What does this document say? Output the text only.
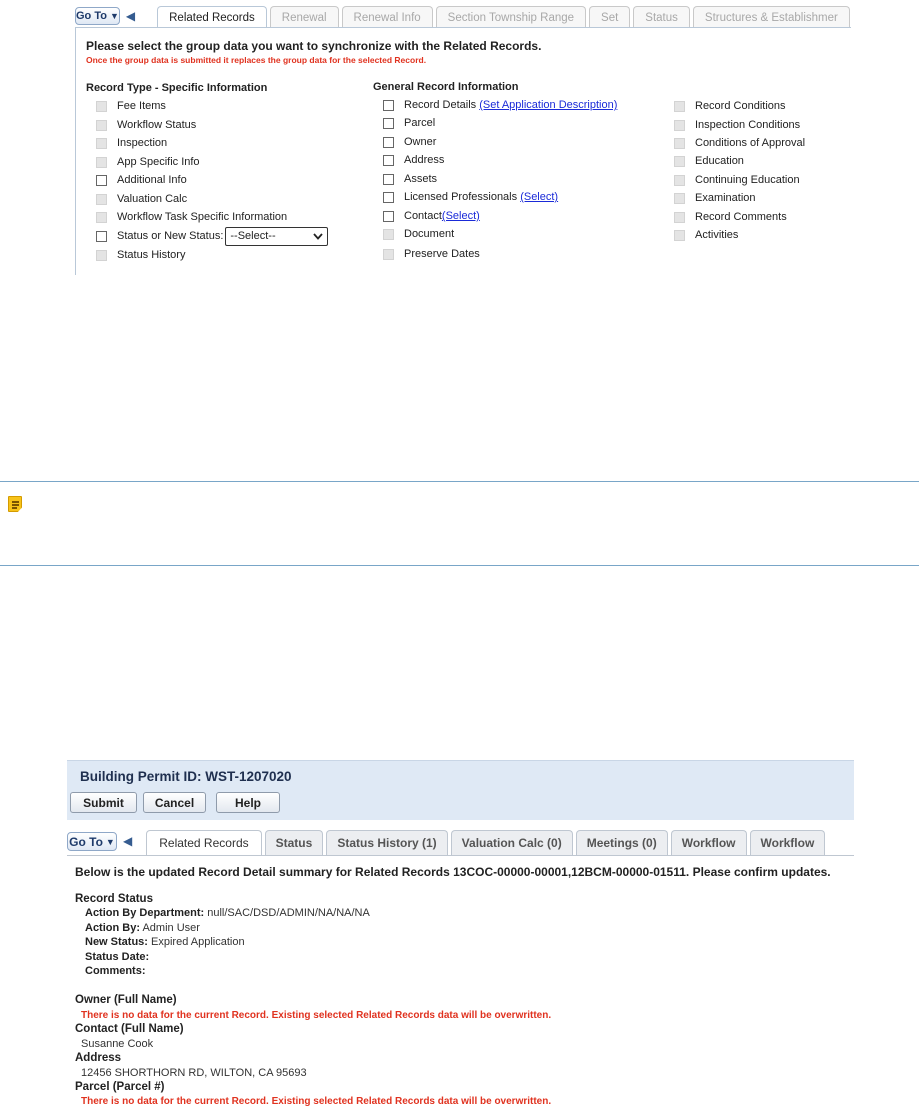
Go To ▼ ◀	Related Records	Renewal	Renewal Info	Section Township Range	Set	Status	Structures & Establishmer
Please select the group data you want to synchronize with the Related Records.
Once the group data is submitted it replaces the group data for the selected Record.
Record Type - Specific Information
Fee Items
Workflow Status
Inspection
App Specific Info
Additional Info
Valuation Calc
Workflow Task Specific Information
Status or New Status: --Select--
Status History
General Record Information
Record Details
(Set Application Description)
Parcel
Owner
Address
Assets
Licensed Professionals
(Select)
Contact (Select)
Document
Preserve Dates
Record Conditions
Inspection Conditions
Conditions of Approval
Education
Continuing Education
Examination
Record Comments
Activities
Building Permit ID: WST-1207020
Submit	Cancel	Help
Go To ▼ ◀	Related Records	Status	Status History (1)	Valuation Calc (0)	Meetings (0)	Workflow	Workflow
Below is the updated Record Detail summary for Related Records 13COC-00000-00001,12BCM-00000-01511. Please confirm updates.
Record Status
Action By Department: null/SAC/DSD/ADMIN/NA/NA/NA
Action By: Admin User
New Status: Expired Application
Status Date:
Comments:
Owner (Full Name)
There is no data for the current Record. Existing selected Related Records data will be overwritten.
Contact (Full Name)
Susanne Cook
Address
12456 SHORTHORN RD, WILTON, CA 95693
Parcel (Parcel #)
There is no data for the current Record. Existing selected Related Records data will be overwritten.
